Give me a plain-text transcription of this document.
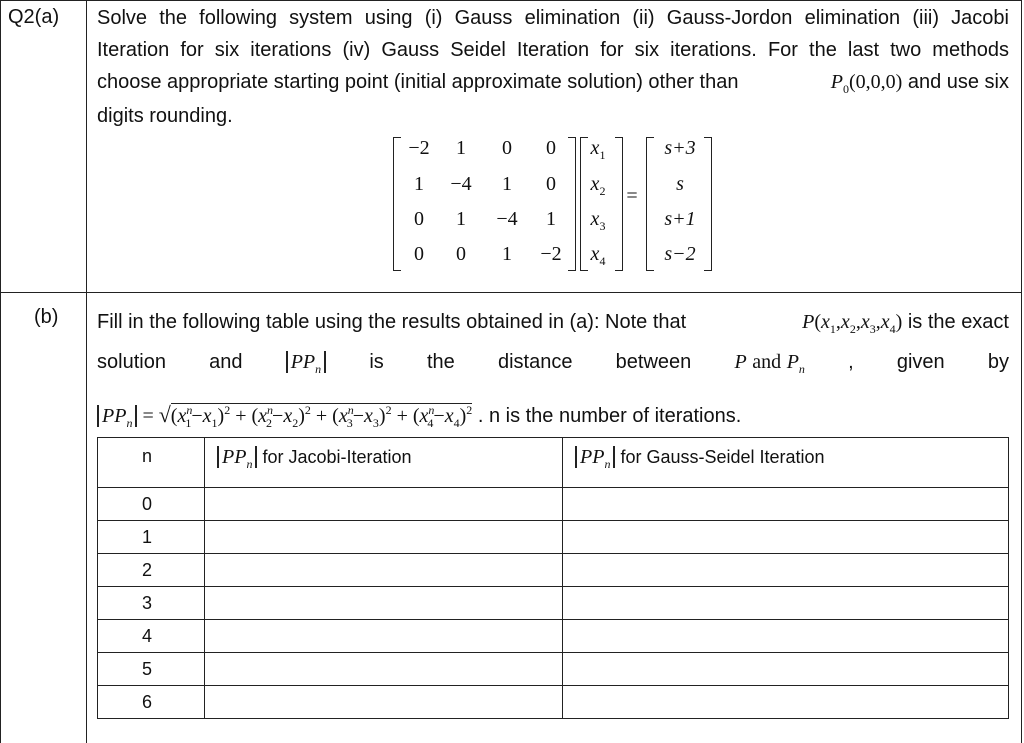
Q2(a) Solve the following system using (i) Gauss elimination (ii) Gauss-Jordon elimination (iii) Jacobi
Iteration for six iterations (iv) Gauss Seidel Iteration for six iterations. For the last two methods
choose appropriate starting point (initial approximate solution) other than	$P_0(0,0,0)$ and use six
digits rounding.
−2	1	0	0
1	−4	1	0
0	1	−4	1
0	0	1	−2
$x_1$
$x_2$
$x_3$
$x_4$
=
s+3
s
s+1
s−2
(b) Fill in the following table using the results obtained in (a): Note that	$P(x_1,x_2,x_3,x_4)$ is the exact
solution and $PP_n$ is the distance between P and $P_n$ , given by
$PP_n = √(x^n_1-x_1)^2 + (x^n_2-x_2)^2 + (x^n_3-x_3)^2 + (x^n_4-x_4)^2$ . n is the number of iterations.
n	$PP_n$ for Jacobi-Iteration	$PP_n$ for Gauss-Seidel Iteration
0		
1		
2		
3		
4		
5		
6		
